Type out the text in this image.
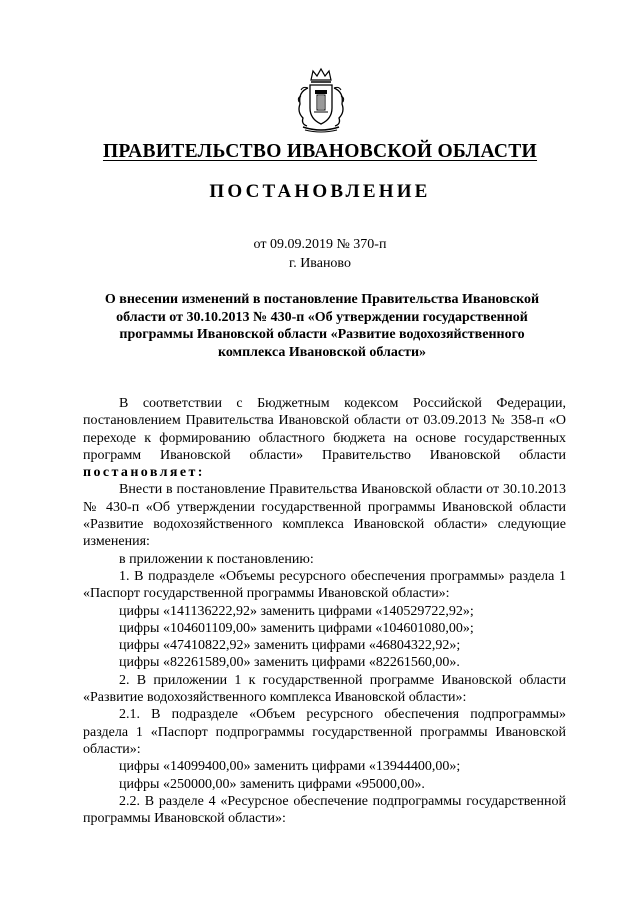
ПРАВИТЕЛЬСТВО ИВАНОВСКОЙ ОБЛАСТИ
ПОСТАНОВЛЕНИЕ
от 09.09.2019 № 370-п
г. Иваново
О внесении изменений в постановление Правительства Ивановской области от 30.10.2013 № 430-п «Об утверждении государственной программы Ивановской области «Развитие водохозяйственного комплекса Ивановской области»

В соответствии с Бюджетным кодексом Российской Федерации, постановлением Правительства Ивановской области от 03.09.2013 № 358-п «О переходе к формированию областного бюджета на основе государственных программ Ивановской области» Правительство Ивановской области постановляет:

Внести в постановление Правительства Ивановской области от 30.10.2013 № 430-п «Об утверждении государственной программы Ивановской области «Развитие водохозяйственного комплекса Ивановской области» следующие изменения:

в приложении к постановлению:

1. В подразделе «Объемы ресурсного обеспечения программы» раздела 1 «Паспорт государственной программы Ивановской области»:

цифры «141136222,92» заменить цифрами «140529722,92»;

цифры «104601109,00» заменить цифрами «104601080,00»;

цифры «47410822,92» заменить цифрами «46804322,92»;

цифры «82261589,00» заменить цифрами «82261560,00».

2. В приложении 1 к государственной программе Ивановской области «Развитие водохозяйственного комплекса Ивановской области»:

2.1. В подразделе «Объем ресурсного обеспечения подпрограммы» раздела 1 «Паспорт подпрограммы государственной программы Ивановской области»:

цифры «14099400,00» заменить цифрами «13944400,00»;

цифры «250000,00» заменить цифрами «95000,00».

2.2. В разделе 4 «Ресурсное обеспечение подпрограммы государственной программы Ивановской области»:
